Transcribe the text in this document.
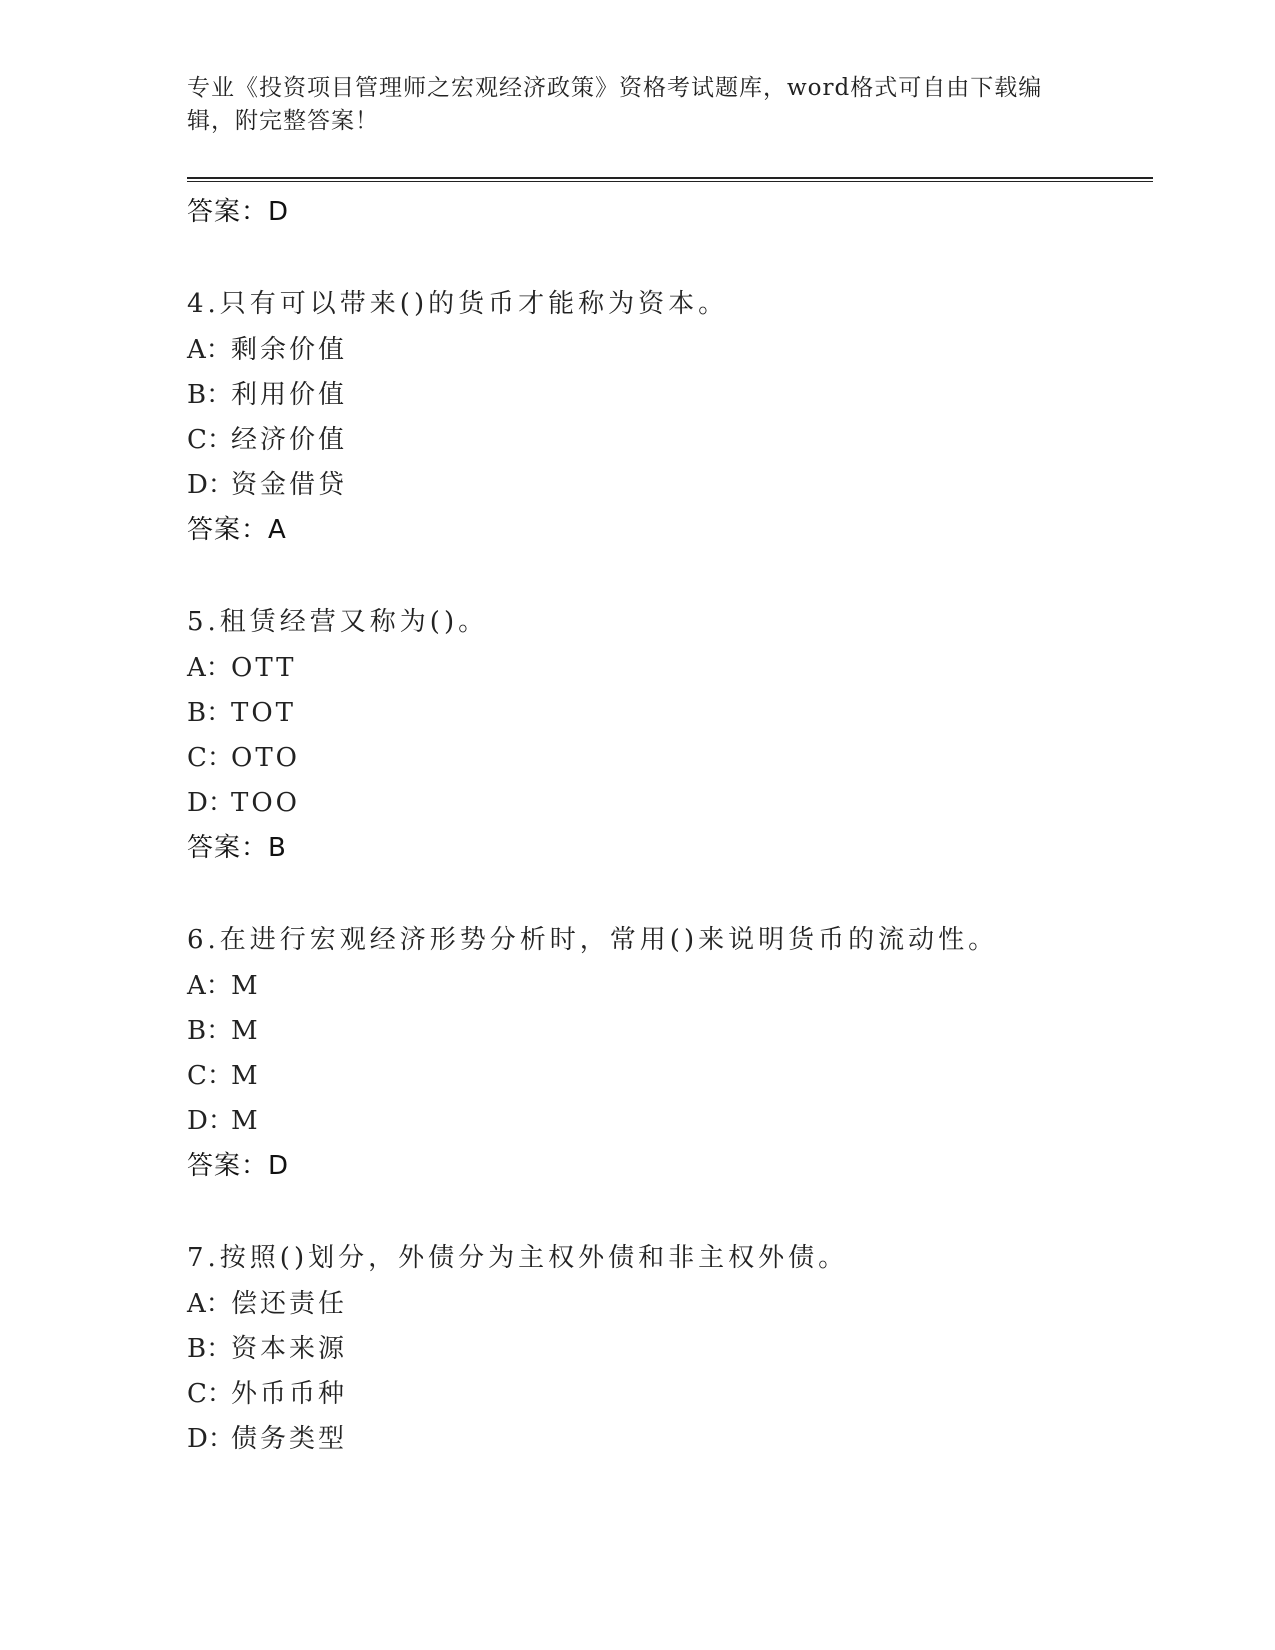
专业《投资项目管理师之宏观经济政策》资格考试题库，word格式可自由下载编辑，附完整答案！
答案：D
4.只有可以带来()的货币才能称为资本。
A：剩余价值
B：利用价值
C：经济价值
D：资金借贷
答案：A
5.租赁经营又称为()。
A：OTT
B：TOT
C：OTO
D：TOO
答案：B
6.在进行宏观经济形势分析时，常用()来说明货币的流动性。
A：M
B：M
C：M
D：M
答案：D
7.按照()划分，外债分为主权外债和非主权外债。
A：偿还责任
B：资本来源
C：外币币种
D：债务类型
